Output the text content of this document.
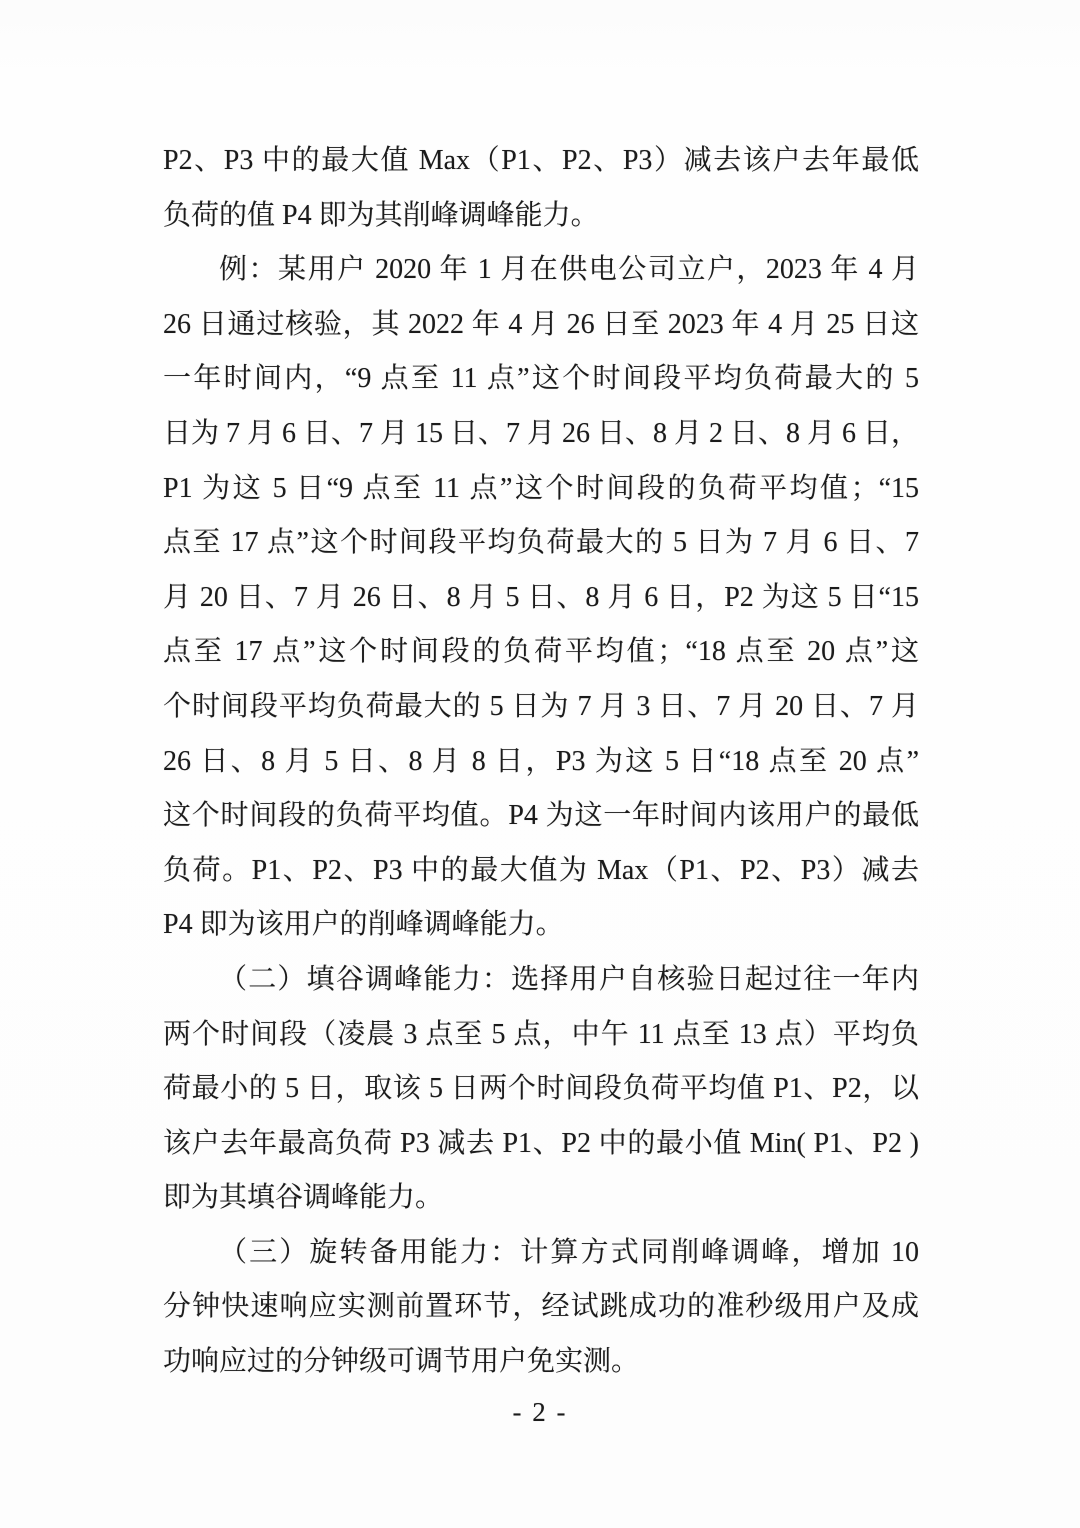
P2、P3 中的最大值 Max（P1、P2、P3）减去该户去年最低
负荷的值 P4 即为其削峰调峰能力。
例：某用户 2020 年 1 月在供电公司立户，2023 年 4 月
26 日通过核验，其 2022 年 4 月 26 日至 2023 年 4 月 25 日这
一年时间内，“9 点至 11 点”这个时间段平均负荷最大的 5
日为 7 月 6 日、7 月 15 日、7 月 26 日、8 月 2 日、8 月 6 日，
P1 为这 5 日“9 点至 11 点”这个时间段的负荷平均值；“15
点至 17 点”这个时间段平均负荷最大的 5 日为 7 月 6 日、7
月 20 日、7 月 26 日、8 月 5 日、8 月 6 日，P2 为这 5 日“15
点至 17 点”这个时间段的负荷平均值；“18 点至 20 点”这
个时间段平均负荷最大的 5 日为 7 月 3 日、7 月 20 日、7 月
26 日、8 月 5 日、8 月 8 日，P3 为这 5 日“18 点至 20 点”
这个时间段的负荷平均值。P4 为这一年时间内该用户的最低
负荷。P1、P2、P3 中的最大值为 Max（P1、P2、P3）减去
P4 即为该用户的削峰调峰能力。
（二）填谷调峰能力：选择用户自核验日起过往一年内
两个时间段（凌晨 3 点至 5 点，中午 11 点至 13 点）平均负
荷最小的 5 日，取该 5 日两个时间段负荷平均值 P1、P2，以
该户去年最高负荷 P3 减去 P1、P2 中的最小值 Min( P1、P2 )
即为其填谷调峰能力。
（三）旋转备用能力：计算方式同削峰调峰，增加 10
分钟快速响应实测前置环节，经试跳成功的准秒级用户及成
功响应过的分钟级可调节用户免实测。
- 2 -
